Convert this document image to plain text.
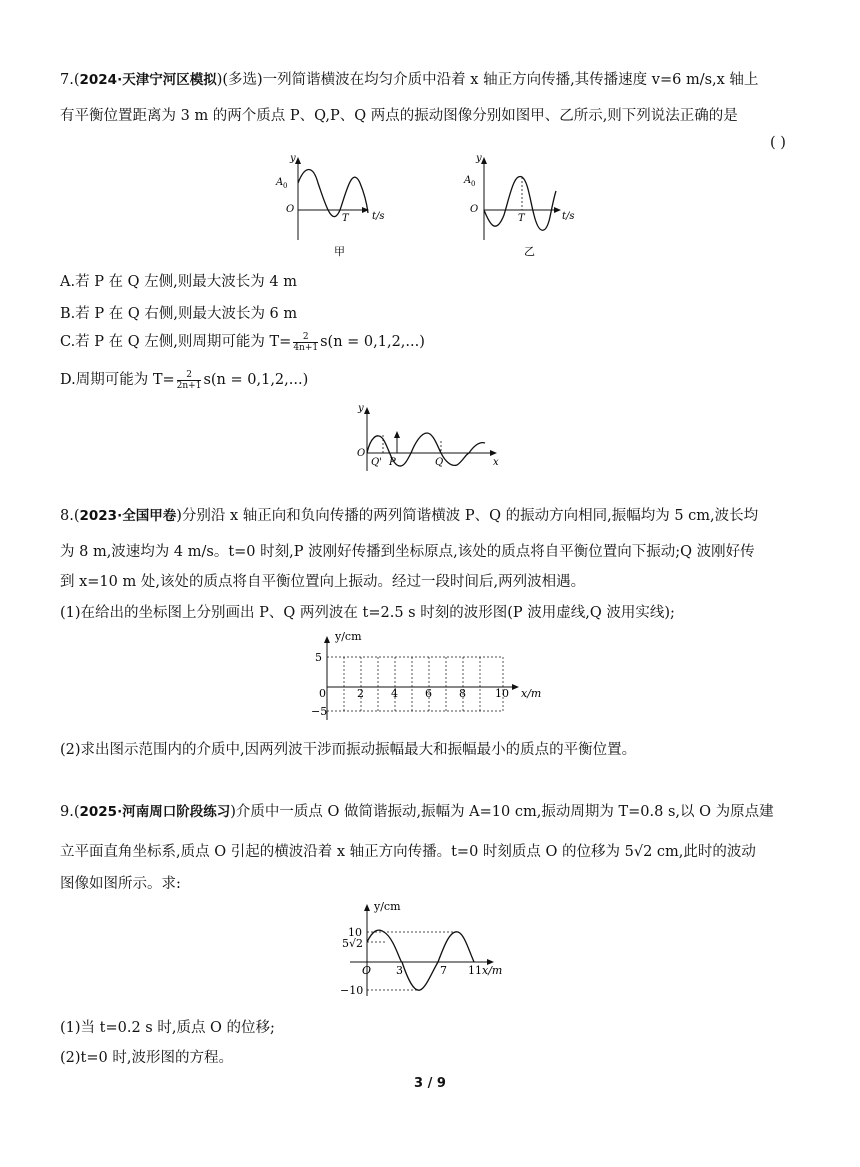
7.(2024·天津宁河区模拟)(多选)一列简谐横波在均匀介质中沿着 x 轴正方向传播,其传播速度 v=6 m/s,x 轴上
有平衡位置距离为 3 m 的两个质点 P、Q,P、Q 两点的振动图像分别如图甲、乙所示,则下列说法正确的是
( )
y
A 0
O
T t/s
甲
y
A 0
O
T	t/s
乙
A.若 P 在 Q 左侧,则最大波长为 4 m
B.若 P 在 Q 右侧,则最大波长为 6 m
C.若 P 在 Q 左侧,则周期可能为 $T= \frac{2}{4n+1} s(n = 0,1,2,...)$
D.周期可能为 $T= \frac{2}{2n+1} s(n = 0,1,2,...)$
y
O
Q' P	Q	x
8.(2023·全国甲卷)分别沿 x 轴正向和负向传播的两列简谐横波 P、Q 的振动方向相同,振幅均为 5 cm,波长均
为 8 m,波速均为 4 m/s。t=0 时刻,P 波刚好传播到坐标原点,该处的质点将自平衡位置向下振动;Q 波刚好传
到 x=10 m 处,该处的质点将自平衡位置向上振动。经过一段时间后,两列波相遇。
(1)在给出的坐标图上分别画出 P、Q 两列波在 t=2.5 s 时刻的波形图(P 波用虚线,Q 波用实线);
y/cm
5
−5
0	2 4 6 8	10 x/m
(2)求出图示范围内的介质中,因两列波干涉而振动振幅最大和振幅最小的质点的平衡位置。
9.(2025·河南周口阶段练习)介质中一质点 O 做简谐振动,振幅为 A=10 cm,振动周期为 T=0.8 s,以 O 为原点建
立平面直角坐标系,质点 O 引起的横波沿着 x 轴正方向传播。t=0 时刻质点 O 的位移为 5√2 cm,此时的波动
图像如图所示。求:
y/cm
10
5√2
−10
O 3	7 11 x/m
(1)当 t=0.2 s 时,质点 O 的位移;
(2)t=0 时,波形图的方程。
3 / 9
